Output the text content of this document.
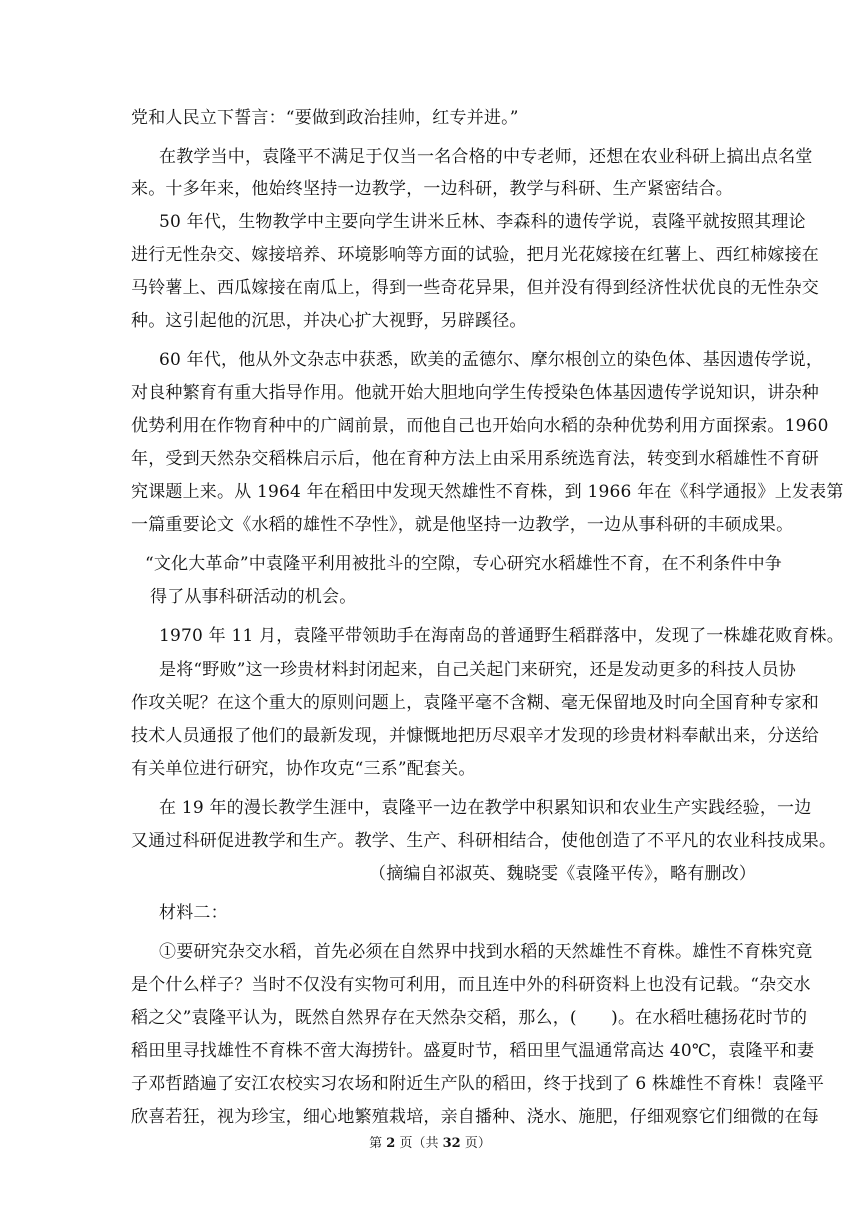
党和人民立下誓言：“要做到政治挂帅，红专并进。”
在教学当中，袁隆平不满足于仅当一名合格的中专老师，还想在农业科研上搞出点名堂
来。十多年来，他始终坚持一边教学，一边科研，教学与科研、生产紧密结合。
50 年代，生物教学中主要向学生讲米丘林、李森科的遗传学说，袁隆平就按照其理论
进行无性杂交、嫁接培养、环境影响等方面的试验，把月光花嫁接在红薯上、西红柿嫁接在
马铃薯上、西瓜嫁接在南瓜上，得到一些奇花异果，但并没有得到经济性状优良的无性杂交
种。这引起他的沉思，并决心扩大视野，另辟蹊径。
60 年代，他从外文杂志中获悉，欧美的孟德尔、摩尔根创立的染色体、基因遗传学说，
对良种繁育有重大指导作用。他就开始大胆地向学生传授染色体基因遗传学说知识，讲杂种
优势利用在作物育种中的广阔前景，而他自己也开始向水稻的杂种优势利用方面探索。1960
年，受到天然杂交稻株启示后，他在育种方法上由采用系统选育法，转变到水稻雄性不育研
究课题上来。从 1964 年在稻田中发现天然雄性不育株，到 1966 年在《科学通报》上发表第
一篇重要论文《水稻的雄性不孕性》，就是他坚持一边教学，一边从事科研的丰硕成果。
“文化大革命”中袁隆平利用被批斗的空隙，专心研究水稻雄性不育，在不利条件中争
得了从事科研活动的机会。
1970 年 11 月，袁隆平带领助手在海南岛的普通野生稻群落中，发现了一株雄花败育株。
是将“野败”这一珍贵材料封闭起来，自己关起门来研究，还是发动更多的科技人员协
作攻关呢？在这个重大的原则问题上，袁隆平毫不含糊、毫无保留地及时向全国育种专家和
技术人员通报了他们的最新发现，并慷慨地把历尽艰辛才发现的珍贵材料奉献出来，分送给
有关单位进行研究，协作攻克“三系”配套关。
在 19 年的漫长教学生涯中，袁隆平一边在教学中积累知识和农业生产实践经验，一边
又通过科研促进教学和生产。教学、生产、科研相结合，使他创造了不平凡的农业科技成果。
（摘编自祁淑英、魏晓雯《袁隆平传》，略有删改）
材料二：
①要研究杂交水稻，首先必须在自然界中找到水稻的天然雄性不育株。雄性不育株究竟
是个什么样子？当时不仅没有实物可利用，而且连中外的科研资料上也没有记载。“杂交水
稻之父”袁隆平认为，既然自然界存在天然杂交稻，那么，(　　)。在水稻吐穗扬花时节的
稻田里寻找雄性不育株不啻大海捞针。盛夏时节，稻田里气温通常高达 40℃，袁隆平和妻
子邓哲踏遍了安江农校实习农场和附近生产队的稻田，终于找到了 6 株雄性不育株！袁隆平
欣喜若狂，视为珍宝，细心地繁殖栽培，亲自播种、浇水、施肥，仔细观察它们细微的在每
第 2 页（共 32 页）
